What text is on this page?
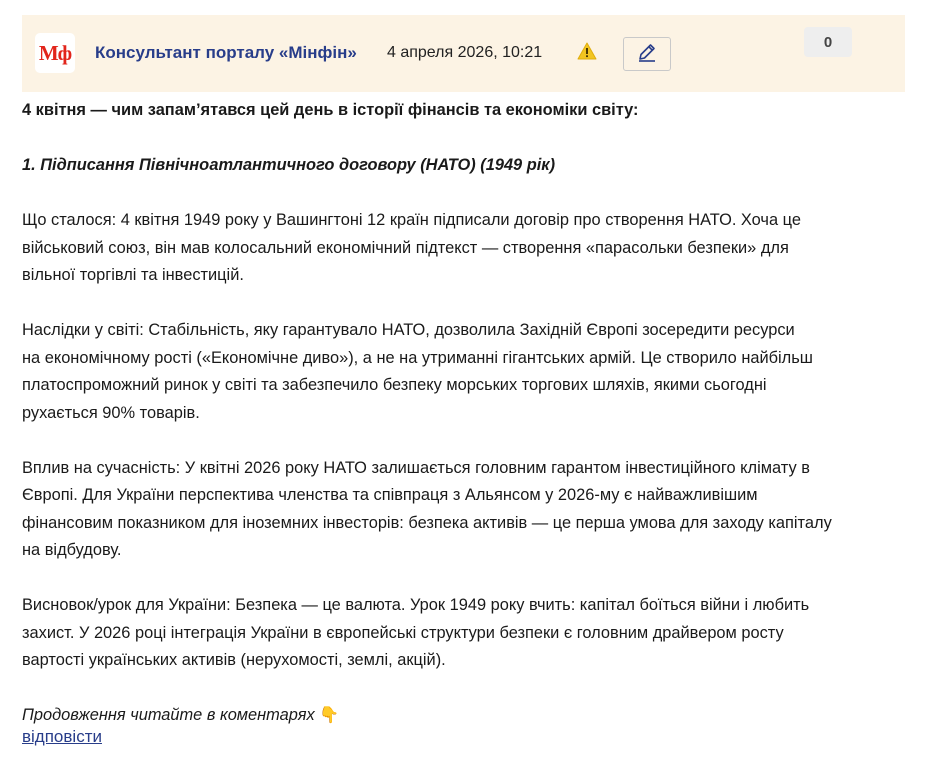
Мф Консультант порталу «Мінфін» 4 апреля 2026, 10:21
0

4 квітня — чим запам’ятався цей день в історії фінансів та економіки світу:

1. Підписання Північноатлантичного договору (НАТО) (1949 рік)

Що сталося: 4 квітня 1949 року у Вашингтоні 12 країн підписали договір про створення НАТО. Хоча це
військовий союз, він мав колосальний економічний підтекст — створення «парасольки безпеки» для
вільної торгівлі та інвестицій.

Наслідки у світі: Стабільність, яку гарантувало НАТО, дозволила Західній Європі зосередити ресурси
на економічному рості («Економічне диво»), а не на утриманні гігантських армій. Це створило найбільш
платоспроможний ринок у світі та забезпечило безпеку морських торгових шляхів, якими сьогодні
рухається 90% товарів.

Вплив на сучасність: У квітні 2026 року НАТО залишається головним гарантом інвестиційного клімату в
Європі. Для України перспектива членства та співпраця з Альянсом у 2026-му є найважливішим
фінансовим показником для іноземних інвесторів: безпека активів — це перша умова для заходу капіталу
на відбудову.

Висновок/урок для України: Безпека — це валюта. Урок 1949 року вчить: капітал боїться війни і любить
захист. У 2026 році інтеграція України в європейські структури безпеки є головним драйвером росту
вартості українських активів (нерухомості, землі, акцій).

Продовження читайте в коментарях 👇

відповісти
